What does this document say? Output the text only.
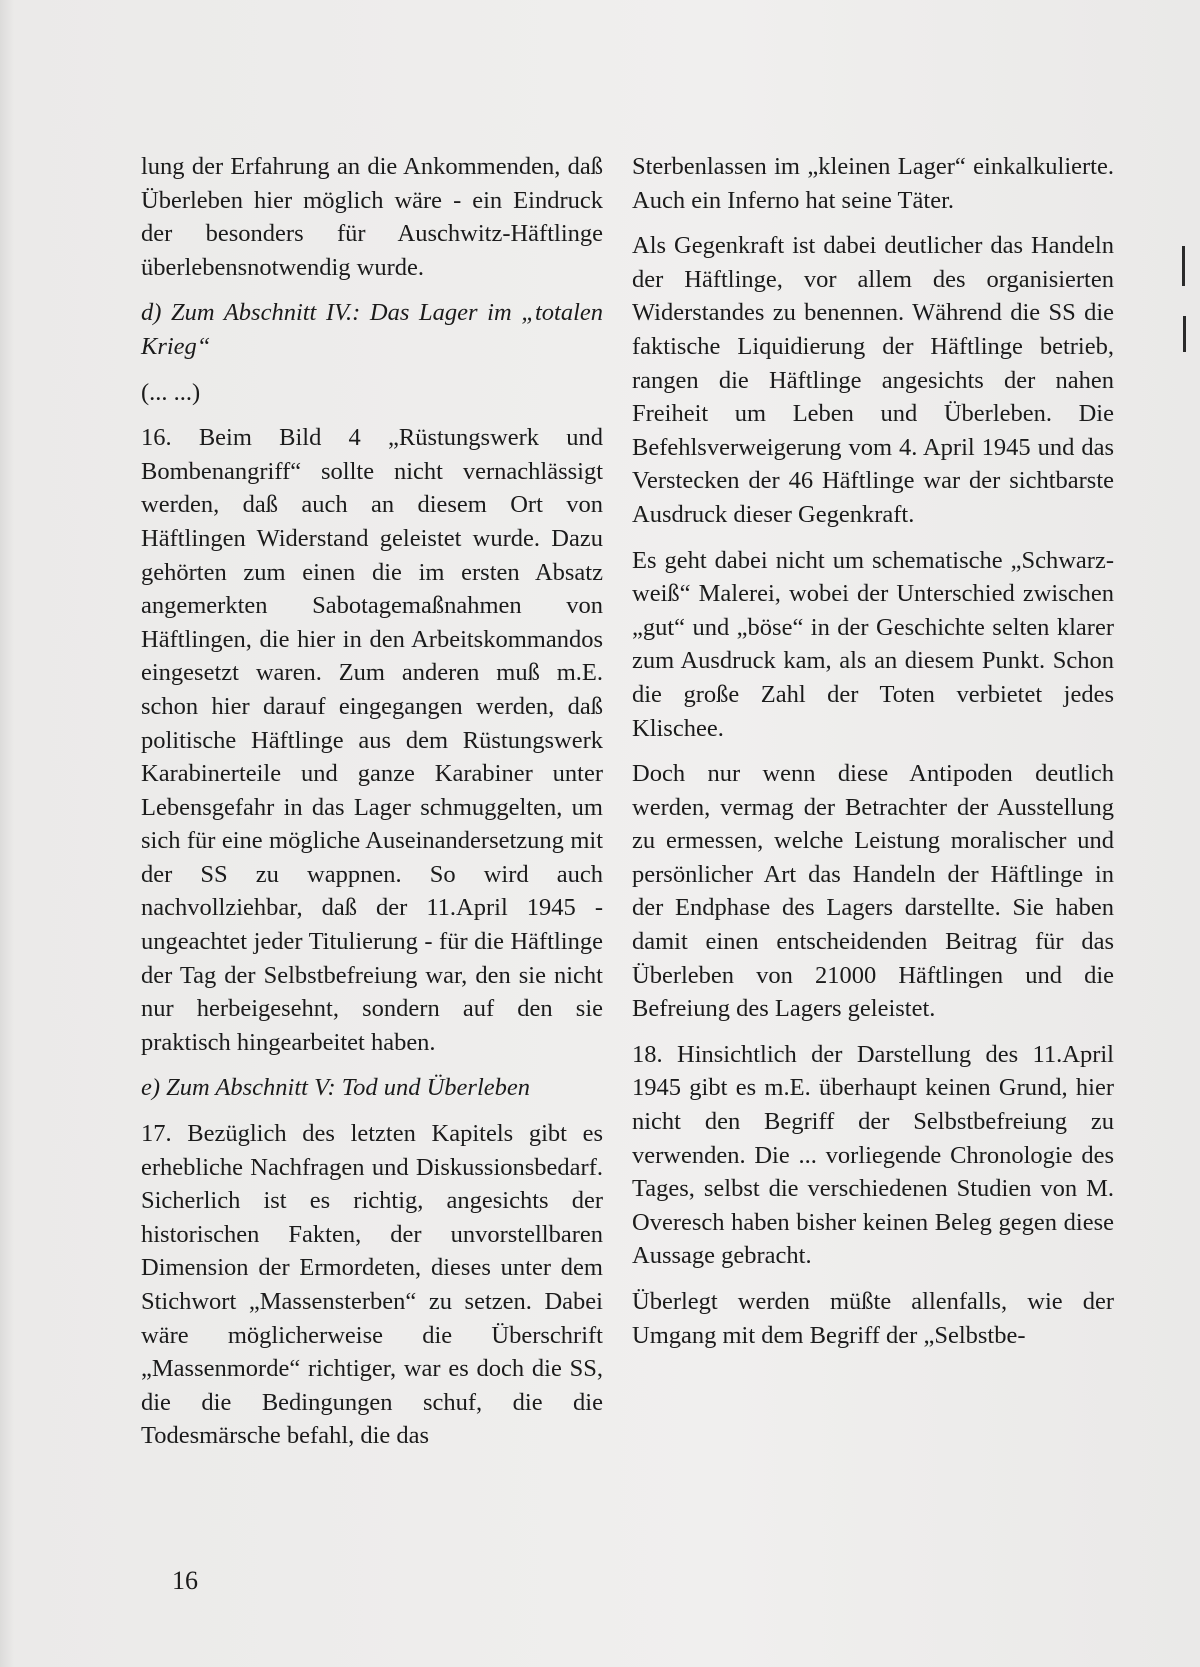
lung der Erfahrung an die Ankommenden, daß Überleben hier möglich wäre - ein Eindruck der besonders für Auschwitz-Häftlinge überlebensnotwendig wurde.

d) Zum Abschnitt IV.: Das Lager im „totalen Krieg“

(... ...)

16. Beim Bild 4 „Rüstungswerk und Bombenangriff“ sollte nicht vernachlässigt werden, daß auch an diesem Ort von Häftlingen Widerstand geleistet wurde. Dazu gehörten zum einen die im ersten Absatz angemerkten Sabotagemaßnahmen von Häftlingen, die hier in den Arbeitskommandos eingesetzt waren. Zum anderen muß m.E. schon hier darauf eingegangen werden, daß politische Häftlinge aus dem Rüstungswerk Karabinerteile und ganze Karabiner unter Lebensgefahr in das Lager schmuggelten, um sich für eine mögliche Auseinandersetzung mit der SS zu wappnen. So wird auch nachvollziehbar, daß der 11.April 1945 - ungeachtet jeder Titulierung - für die Häftlinge der Tag der Selbstbefreiung war, den sie nicht nur herbeigesehnt, sondern auf den sie praktisch hingearbeitet haben.

e) Zum Abschnitt V: Tod und Überleben

17. Bezüglich des letzten Kapitels gibt es erhebliche Nachfragen und Diskussionsbedarf. Sicherlich ist es richtig, angesichts der historischen Fakten, der unvorstellbaren Dimension der Ermordeten, dieses unter dem Stichwort „Massensterben“ zu setzen. Dabei wäre möglicherweise die Überschrift „Massenmorde“ richtiger, war es doch die SS, die die Bedingungen schuf, die die Todesmärsche befahl, die das

Sterbenlassen im „kleinen Lager“ einkalkulierte. Auch ein Inferno hat seine Täter.

Als Gegenkraft ist dabei deutlicher das Handeln der Häftlinge, vor allem des organisierten Widerstandes zu benennen. Während die SS die faktische Liquidierung der Häftlinge betrieb, rangen die Häftlinge angesichts der nahen Freiheit um Leben und Überleben. Die Befehlsverweigerung vom 4. April 1945 und das Verstecken der 46 Häftlinge war der sichtbarste Ausdruck dieser Gegenkraft.

Es geht dabei nicht um schematische „Schwarz-weiß“ Malerei, wobei der Unterschied zwischen „gut“ und „böse“ in der Geschichte selten klarer zum Ausdruck kam, als an diesem Punkt. Schon die große Zahl der Toten verbietet jedes Klischee.

Doch nur wenn diese Antipoden deutlich werden, vermag der Betrachter der Ausstellung zu ermessen, welche Leistung moralischer und persönlicher Art das Handeln der Häftlinge in der Endphase des Lagers darstellte. Sie haben damit einen entscheidenden Beitrag für das Überleben von 21000 Häftlingen und die Befreiung des Lagers geleistet.

18. Hinsichtlich der Darstellung des 11.April 1945 gibt es m.E. überhaupt keinen Grund, hier nicht den Begriff der Selbstbefreiung zu verwenden. Die ... vorliegende Chronologie des Tages, selbst die verschiedenen Studien von M. Overesch haben bisher keinen Beleg gegen diese Aussage gebracht.

Überlegt werden müßte allenfalls, wie der Umgang mit dem Begriff der „Selbstbe-

16
